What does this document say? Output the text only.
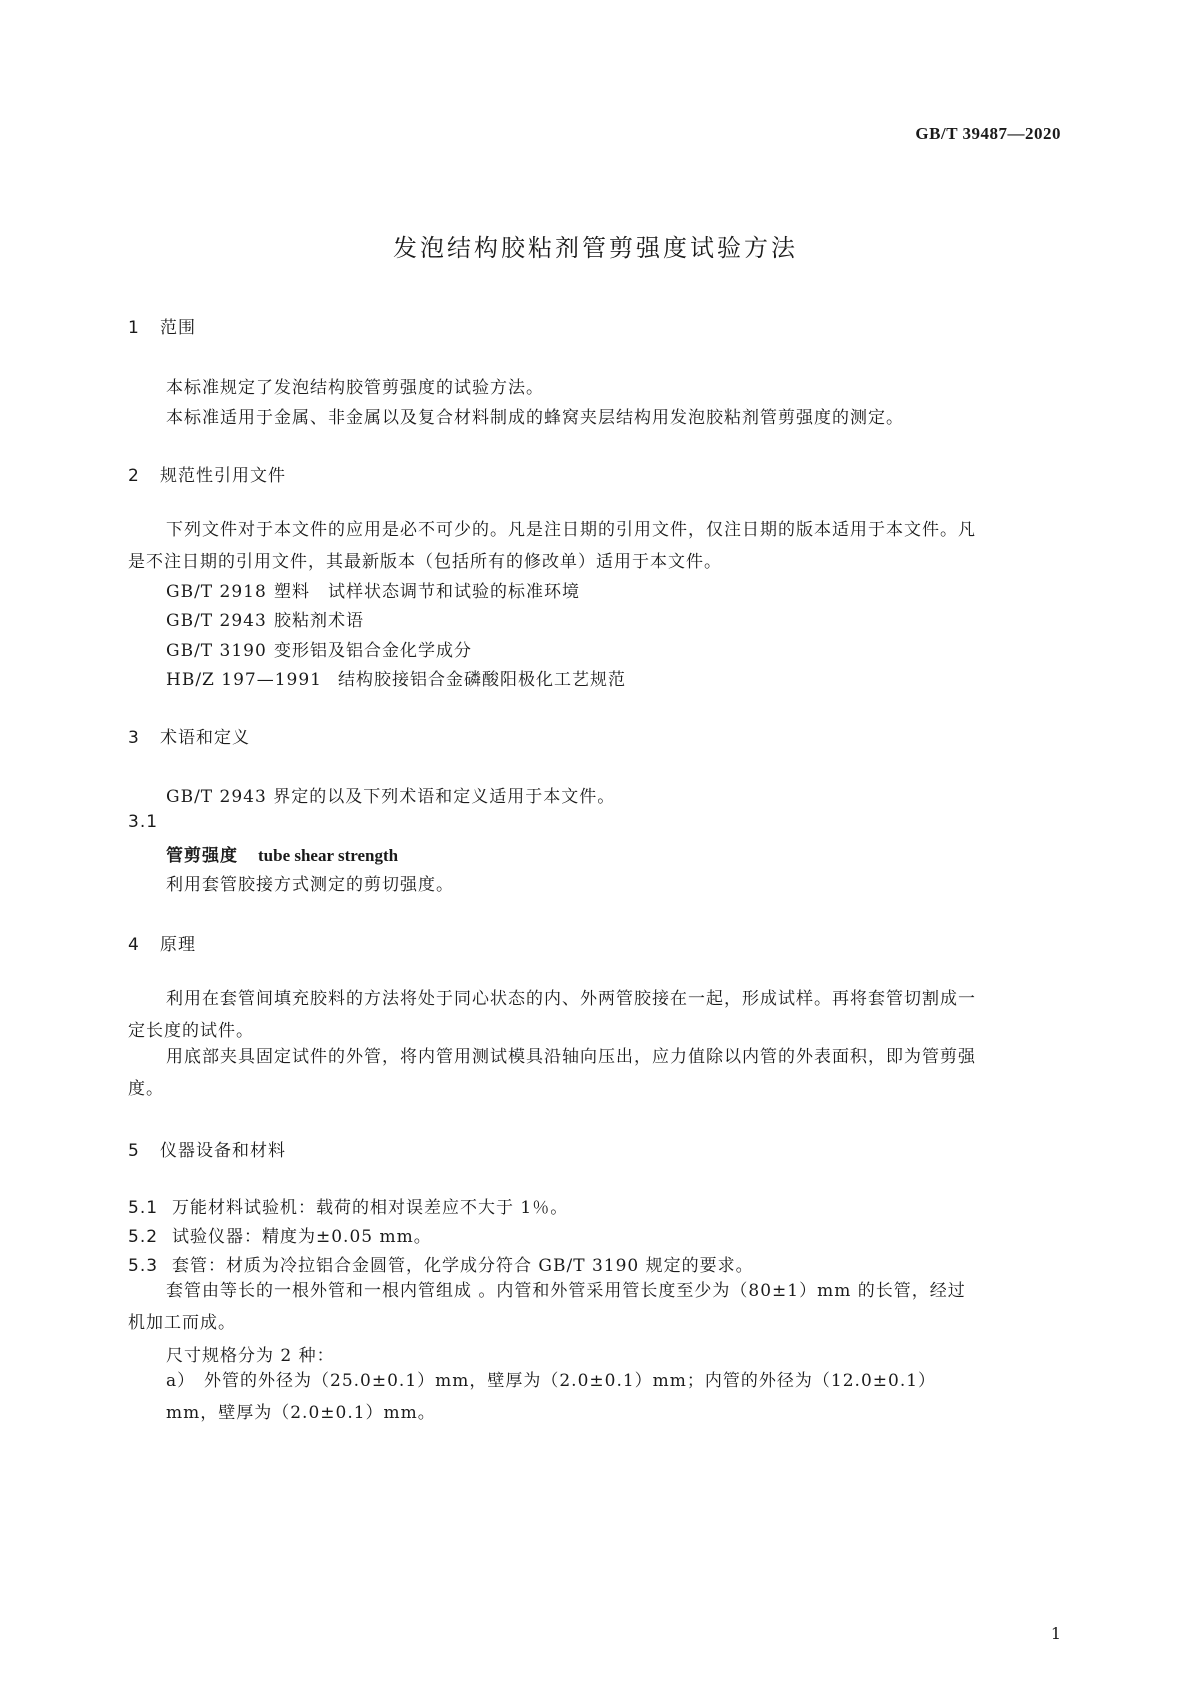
GB/T 39487—2020
发泡结构胶粘剂管剪强度试验方法
1 范围
本标准规定了发泡结构胶管剪强度的试验方法。
本标准适用于金属、非金属以及复合材料制成的蜂窝夹层结构用发泡胶粘剂管剪强度的测定。
2 规范性引用文件
下列文件对于本文件的应用是必不可少的。凡是注日期的引用文件，仅注日期的版本适用于本文件。凡是不注日期的引用文件，其最新版本（包括所有的修改单）适用于本文件。
GB/T 2918 塑料　试样状态调节和试验的标准环境
GB/T 2943 胶粘剂术语
GB/T 3190 变形铝及铝合金化学成分
HB/Z 197—1991 结构胶接铝合金磷酸阳极化工艺规范
3 术语和定义
GB/T 2943 界定的以及下列术语和定义适用于本文件。
3.1
管剪强度 tube shear strength
利用套管胶接方式测定的剪切强度。
4 原理
利用在套管间填充胶料的方法将处于同心状态的内、外两管胶接在一起，形成试样。再将套管切割成一定长度的试件。
用底部夹具固定试件的外管，将内管用测试模具沿轴向压出，应力值除以内管的外表面积，即为管剪强度。
5 仪器设备和材料
5.1 万能材料试验机：载荷的相对误差应不大于 1％。
5.2 试验仪器：精度为±0.05 mm。
5.3 套管：材质为冷拉铝合金圆管，化学成分符合 GB/T 3190 规定的要求。
套管由等长的一根外管和一根内管组成 。内管和外管采用管长度至少为（80±1）mm 的长管，经过机加工而成。
尺寸规格分为 2 种：
a） 外管的外径为（25.0±0.1）mm，壁厚为（2.0±0.1）mm；内管的外径为（12.0±0.1）mm，壁厚为（2.0±0.1）mm。
1
